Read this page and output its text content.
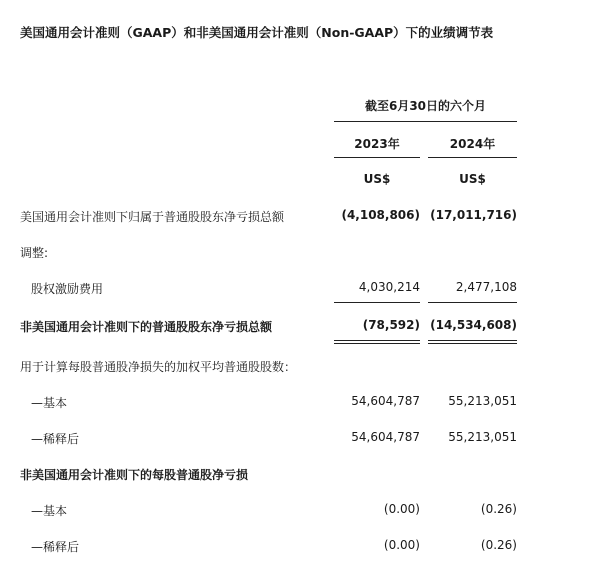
美国通用会计准则（GAAP）和非美国通用会计准则（Non-GAAP）下的业绩调节表
截至6月30日的六个月
2023年	2024年
US$	US$
美国通用会计准则下归属于普通股股东净亏损总额	(4,108,806) (17,011,716)
调整:
股权激励费用	4,030,214	2,477,108
非美国通用会计准则下的普通股股东净亏损总额	(78,592) (14,534,608)
用于计算每股普通股净损失的加权平均普通股股数：
—基本	54,604,787	55,213,051
—稀释后	54,604,787	55,213,051
非美国通用会计准则下的每股普通股净亏损
—基本	(0.00)	(0.26)
—稀释后	(0.00)	(0.26)
